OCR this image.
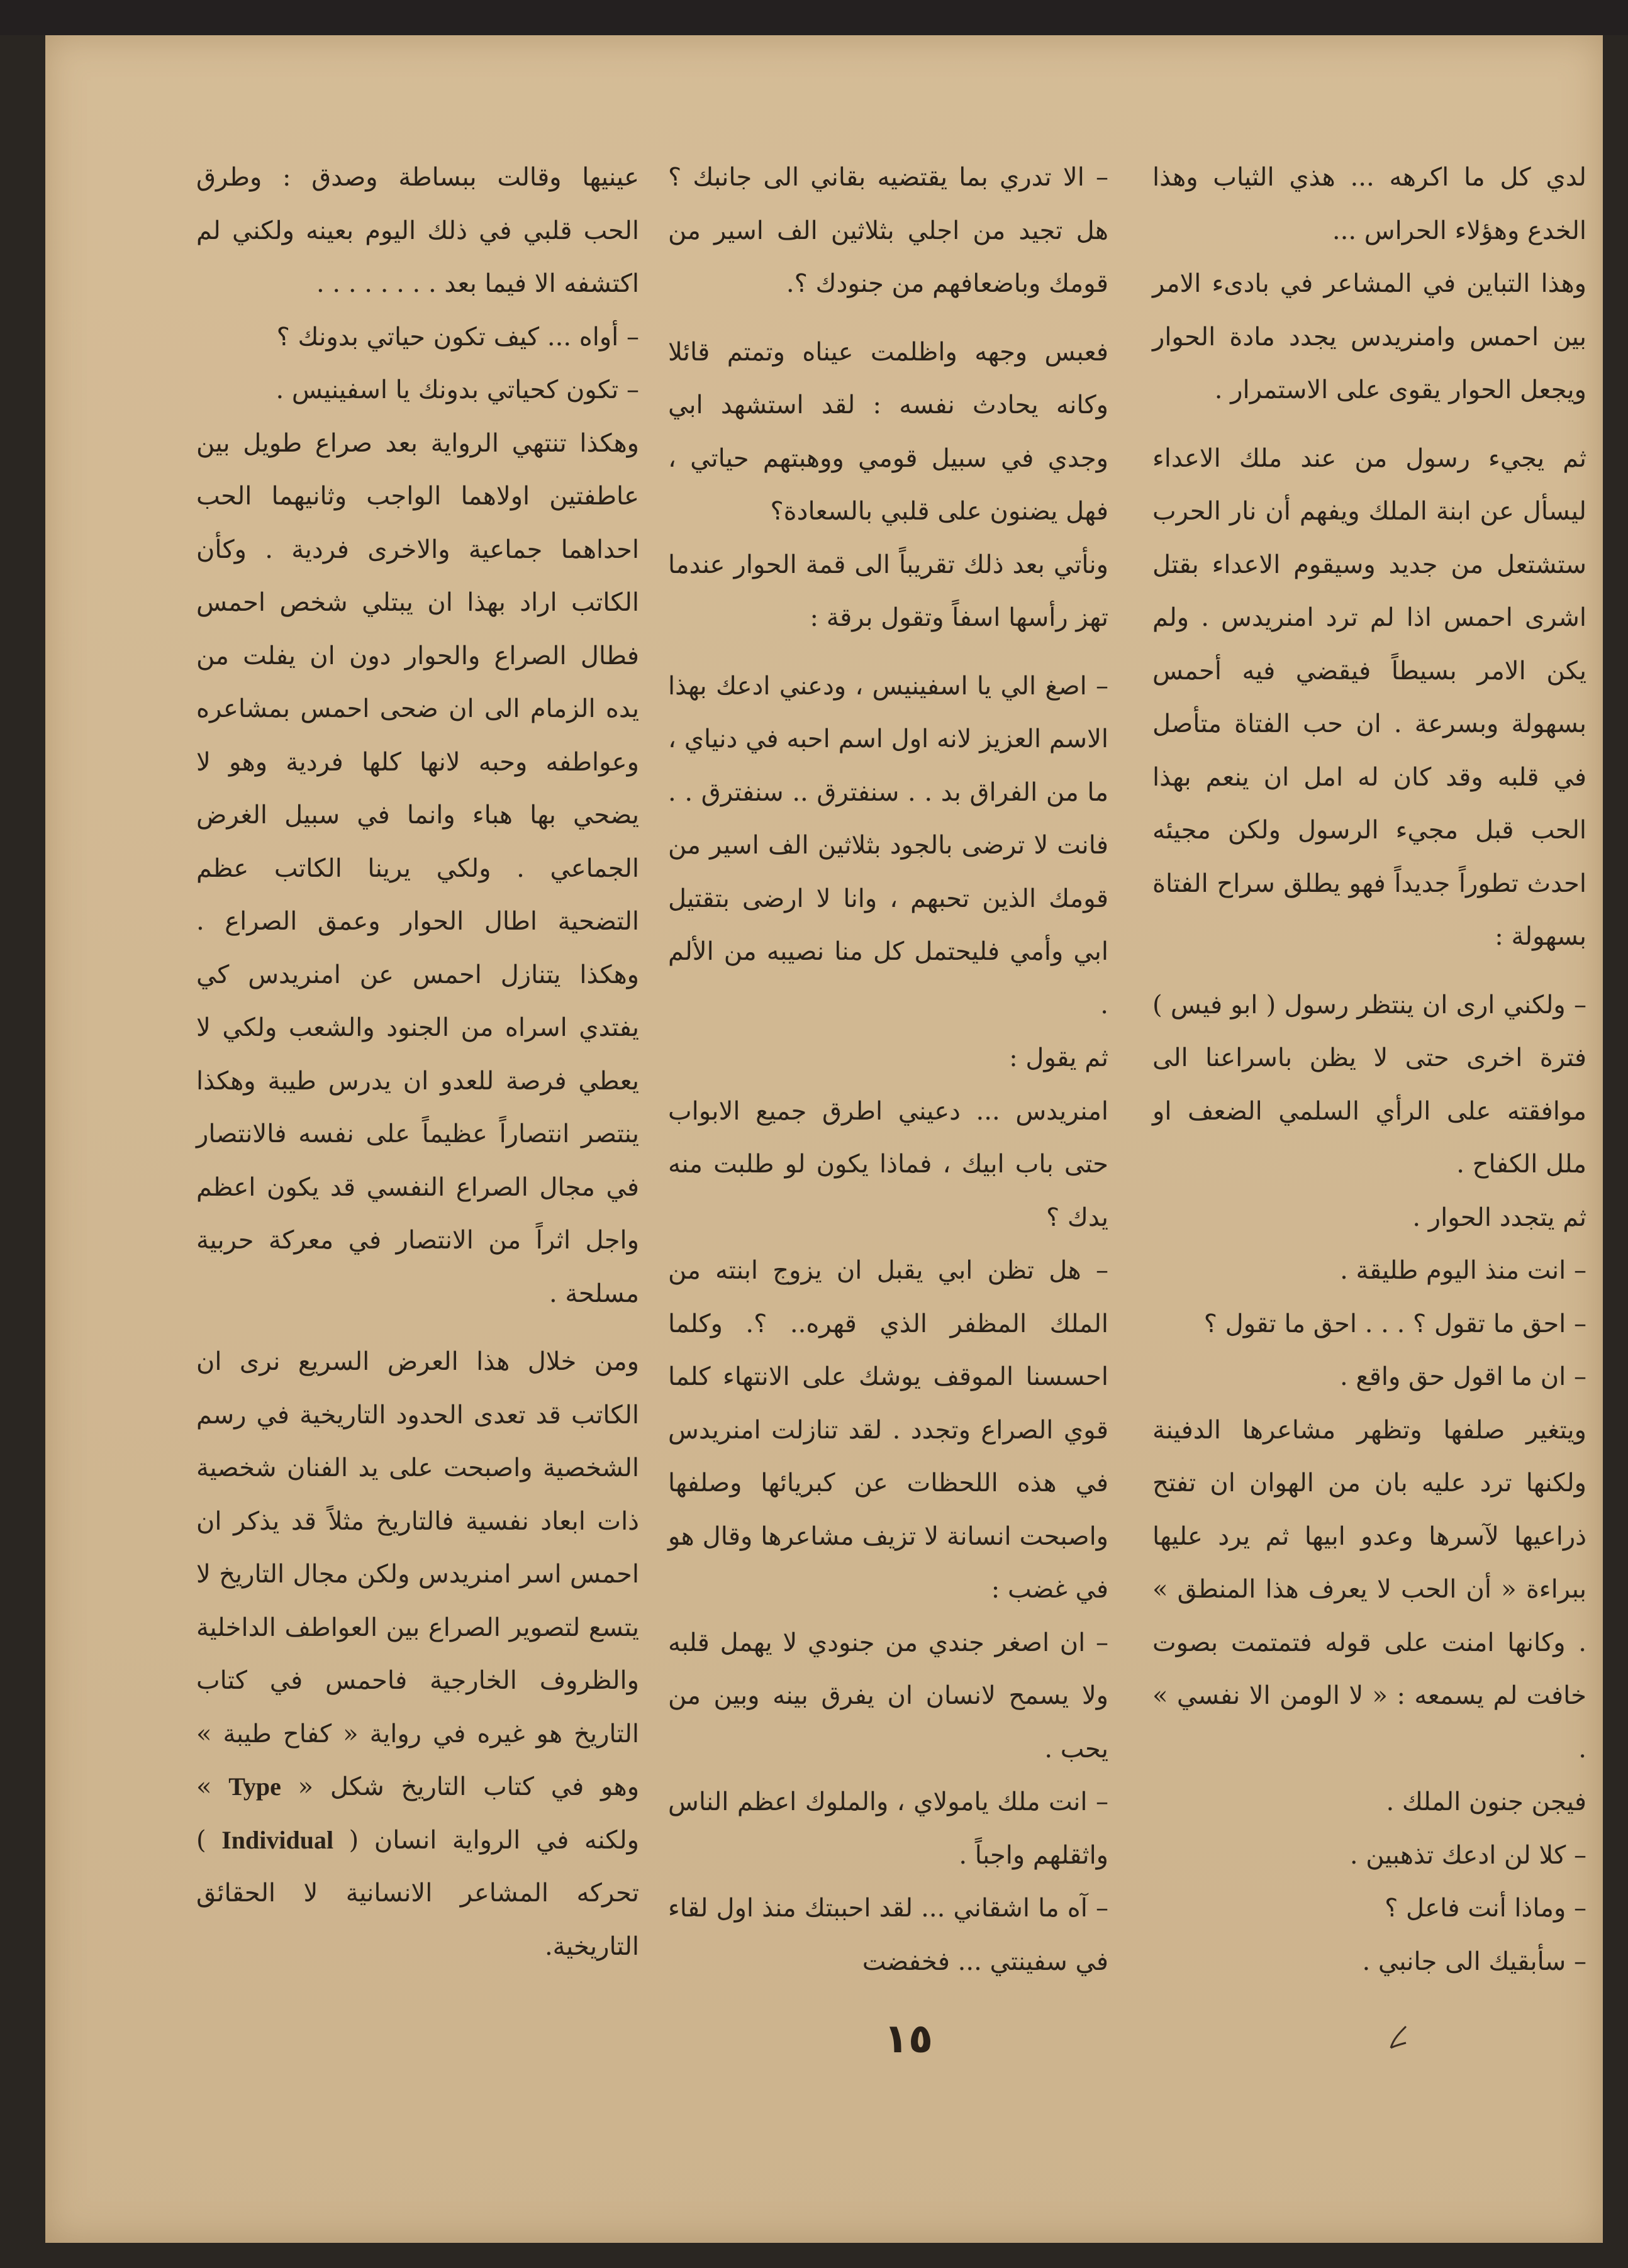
لدي كل ما اكرهه ... هذي الثياب وهذا الخدع وهؤلاء الحراس ...

وهذا التباين في المشاعر في بادىء الامر بين احمس وامنريدس يجدد مادة الحوار ويجعل الحوار يقوى على الاستمرار .

ثم يجيء رسول من عند ملك الاعداء ليسأل عن ابنة الملك ويفهم أن نار الحرب ستشتعل من جديد وسيقوم الاعداء بقتل اشرى احمس اذا لم ترد امنريدس . ولم يكن الامر بسيطاً فيقضي فيه أحمس بسهولة وبسرعة . ان حب الفتاة متأصل في قلبه وقد كان له امل ان ينعم بهذا الحب قبل مجيء الرسول ولكن مجيئه احدث تطوراً جديداً فهو يطلق سراح الفتاة بسهولة :

– ولكني ارى ان ينتظر رسول ( ابو فيس ) فترة اخرى حتى لا يظن باسراعنا الى موافقته على الرأي السلمي الضعف او ملل الكفاح .

ثم يتجدد الحوار .

– انت منذ اليوم طليقة .

– احق ما تقول ؟ . . . احق ما تقول ؟

– ان ما اقول حق واقع .

ويتغير صلفها وتظهر مشاعرها الدفينة ولكنها ترد عليه بان من الهوان ان تفتح ذراعيها لآسرها وعدو ابيها ثم يرد عليها ببراءة « أن الحب لا يعرف هذا المنطق » . وكانها امنت على قوله فتمتمت بصوت خافت لم يسمعه : « لا الومن الا نفسي » .

فيجن جنون الملك .

– كلا لن ادعك تذهبين .

– وماذا أنت فاعل ؟

– سأبقيك الى جانبي .

– الا تدري بما يقتضيه بقاني الى جانبك ؟ هل تجيد من اجلي بثلاثين الف اسير من قومك وباضعافهم من جنودك ؟.

فعبس وجهه واظلمت عيناه وتمتم قائلا وكانه يحادث نفسه : لقد استشهد ابي وجدي في سبيل قومي ووهبتهم حياتي ، فهل يضنون على قلبي بالسعادة؟

ونأتي بعد ذلك تقريباً الى قمة الحوار عندما تهز رأسها اسفاً وتقول برقة :

– اصغ الي يا اسفينيس ، ودعني ادعك بهذا الاسم العزيز لانه اول اسم احبه في دنياي ، ما من الفراق بد . . سنفترق .. سنفترق . . فانت لا ترضى بالجود بثلاثين الف اسير من قومك الذين تحبهم ، وانا لا ارضى بتقتيل ابي وأمي فليحتمل كل منا نصيبه من الألم .

ثم يقول :

امنريدس ... دعيني اطرق جميع الابواب حتى باب ابيك ، فماذا يكون لو طلبت منه يدك ؟

– هل تظن ابي يقبل ان يزوج ابنته من الملك المظفر الذي قهره.. ؟. وكلما احسسنا الموقف يوشك على الانتهاء كلما قوي الصراع وتجدد . لقد تنازلت امنريدس في هذه اللحظات عن كبريائها وصلفها واصبحت انسانة لا تزيف مشاعرها وقال هو في غضب :

– ان اصغر جندي من جنودي لا يهمل قلبه ولا يسمح لانسان ان يفرق بينه وبين من يحب .

– انت ملك يامولاي ، والملوك اعظم الناس واثقلهم واجباً .

– آه ما اشقاني ... لقد احببتك منذ اول لقاء في سفينتي ... فخفضت

عينيها وقالت ببساطة وصدق : وطرق الحب قلبي في ذلك اليوم بعينه ولكني لم اكتشفه الا فيما بعد . . . . . . . .

– أواه ... كيف تكون حياتي بدونك ؟

– تكون كحياتي بدونك يا اسفينيس .

وهكذا تنتهي الرواية بعد صراع طويل بين عاطفتين اولاهما الواجب وثانيهما الحب احداهما جماعية والاخرى فردية . وكأن الكاتب اراد بهذا ان يبتلي شخص احمس فطال الصراع والحوار دون ان يفلت من يده الزمام الى ان ضحى احمس بمشاعره وعواطفه وحبه لانها كلها فردية وهو لا يضحي بها هباء وانما في سبيل الغرض الجماعي . ولكي يرينا الكاتب عظم التضحية اطال الحوار وعمق الصراع . وهكذا يتنازل احمس عن امنريدس كي يفتدي اسراه من الجنود والشعب ولكي لا يعطي فرصة للعدو ان يدرس طيبة وهكذا ينتصر انتصاراً عظيماً على نفسه فالانتصار في مجال الصراع النفسي قد يكون اعظم واجل اثراً من الانتصار في معركة حربية مسلحة .

ومن خلال هذا العرض السريع نرى ان الكاتب قد تعدى الحدود التاريخية في رسم الشخصية واصبحت على يد الفنان شخصية ذات ابعاد نفسية فالتاريخ مثلاً قد يذكر ان احمس اسر امنريدس ولكن مجال التاريخ لا يتسع لتصوير الصراع بين العواطف الداخلية والظروف الخارجية فاحمس في كتاب التاريخ هو غيره في رواية « كفاح طيبة » وهو في كتاب التاريخ شكل « Type » ولكنه في الرواية انسان ( Individual ) تحركه المشاعر الانسانية لا الحقائق التاريخية.

١٥
